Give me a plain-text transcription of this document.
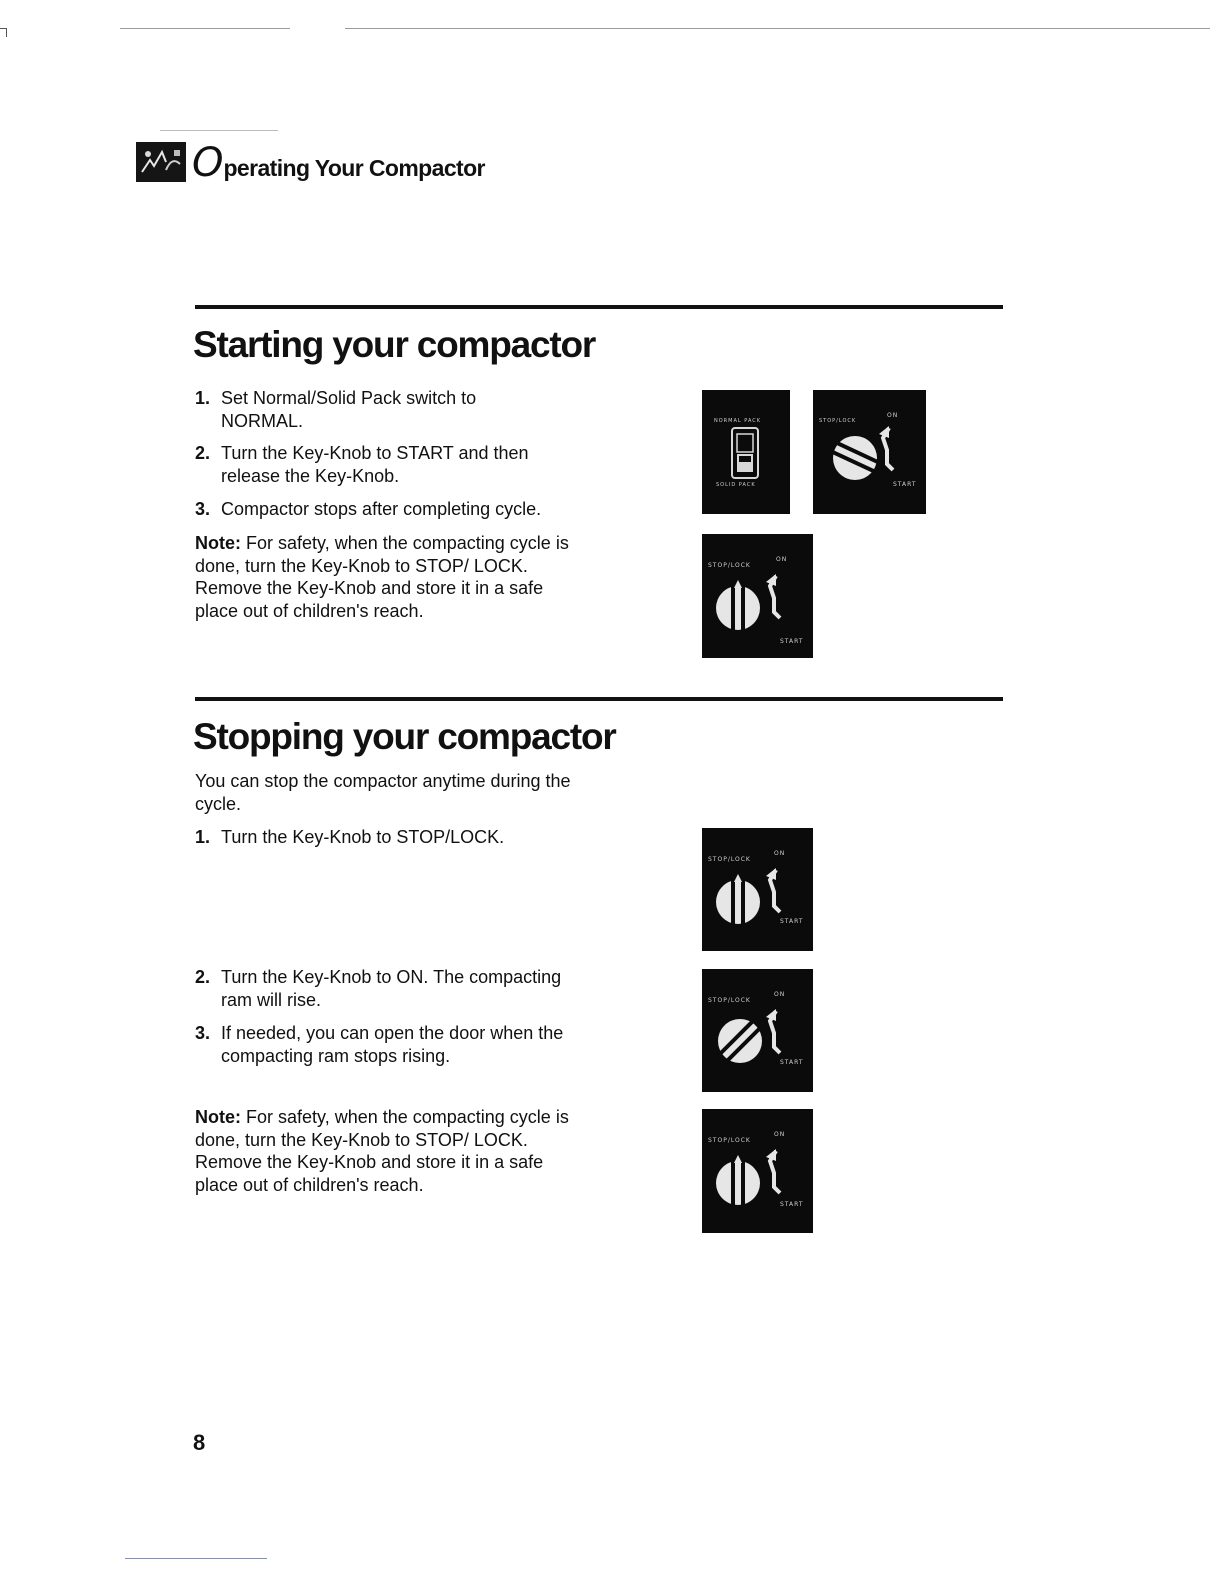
O perating Your Compactor
Starting your compactor
1. Set Normal/Solid Pack switch to NORMAL.
2. Turn the Key-Knob to START and then release the Key-Knob.
3. Compactor stops after completing cycle.
Note: For safety, when the compacting cycle is done, turn the Key-Knob to STOP/ LOCK. Remove the Key-Knob and store it in a safe place out of children's reach.
NORMAL PACK
SOLID PACK
STOP/LOCK
ON
START
STOP/LOCK
ON
START
Stopping your compactor
You can stop the compactor anytime during the cycle.
1. Turn the Key-Knob to STOP/LOCK.
2. Turn the Key-Knob to ON. The compacting ram will rise.
3. If needed, you can open the door when the compacting ram stops rising.
Note: For safety, when the compacting cycle is done, turn the Key-Knob to STOP/ LOCK. Remove the Key-Knob and store it in a safe place out of children's reach.
STOP/LOCK
ON
START
STOP/LOCK
ON
START
STOP/LOCK
ON
START
8
